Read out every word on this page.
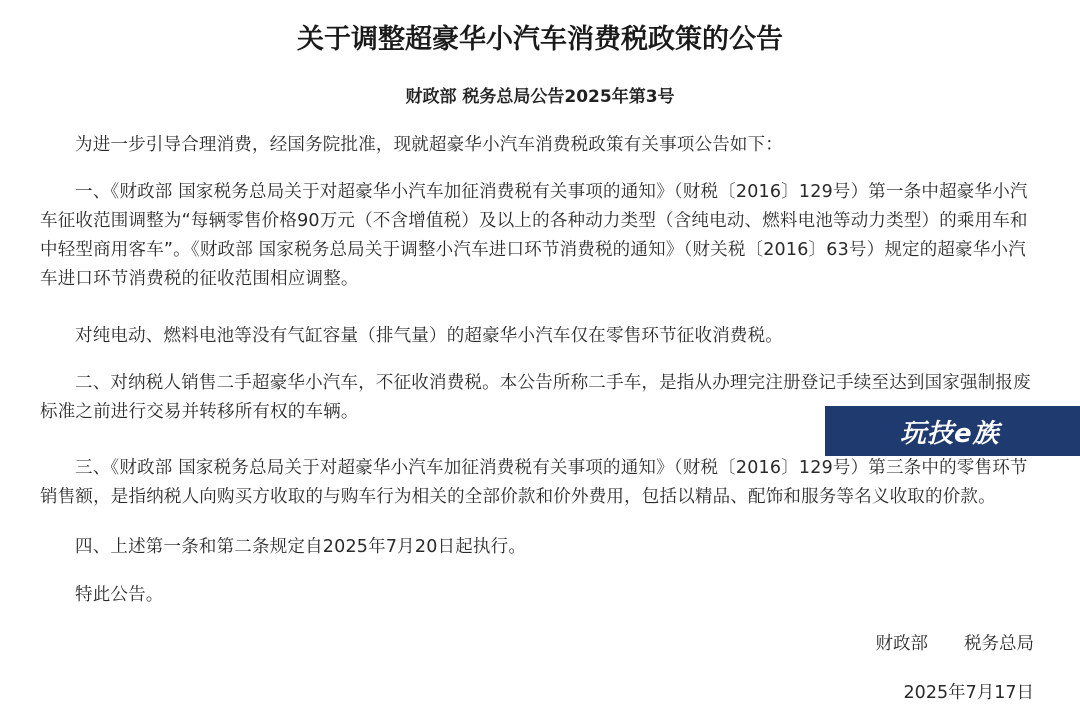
关于调整超豪华小汽车消费税政策的公告
财政部 税务总局公告2025年第3号

为进一步引导合理消费，经国务院批准，现就超豪华小汽车消费税政策有关事项公告如下：

一、《财政部 国家税务总局关于对超豪华小汽车加征消费税有关事项的通知》（财税〔2016〕129号）第一条中超豪华小汽车征收范围调整为“每辆零售价格90万元（不含增值税）及以上的各种动力类型（含纯电动、燃料电池等动力类型）的乘用车和中轻型商用客车”。《财政部 国家税务总局关于调整小汽车进口环节消费税的通知》（财关税〔2016〕63号）规定的超豪华小汽车进口环节消费税的征收范围相应调整。

对纯电动、燃料电池等没有气缸容量（排气量）的超豪华小汽车仅在零售环节征收消费税。

二、对纳税人销售二手超豪华小汽车，不征收消费税。本公告所称二手车，是指从办理完注册登记手续至达到国家强制报废标准之前进行交易并转移所有权的车辆。

三、《财政部 国家税务总局关于对超豪华小汽车加征消费税有关事项的通知》（财税〔2016〕129号）第三条中的零售环节销售额，是指纳税人向购买方收取的与购车行为相关的全部价款和价外费用，包括以精品、配饰和服务等名义收取的价款。

四、上述第一条和第二条规定自2025年7月20日起执行。

特此公告。

财政部 税务总局
2025年7月17日
玩技e族
